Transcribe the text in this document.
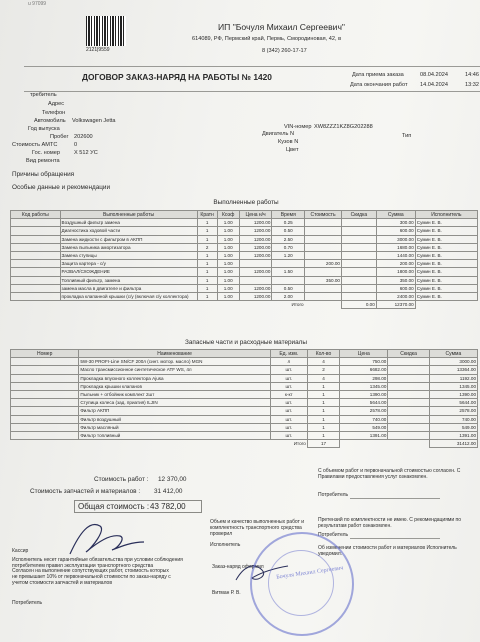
u 97099
2121|9559
ИП "Бочуля Михаил Сергеевич"
614089, РФ, Пермский край, Пермь, Смородиновая, 42, в
8 (342) 260-17-17
ДОГОВОР ЗАКАЗ-НАРЯД НА РАБОТЫ № 1420	Дата приема заказа	08.04.2024	14:46
Дата окончания работ 14.04.2024	13:32
требитель
Адрес
Телефон
Автомобиль Volkswagen Jetta
Год выпуска
Пробег 202600
Стоимость АМТС	0
Гос. номер	Х 512 УС
Вид ремонта
VIN-номер XW8ZZZ1KZ8G202288
Двигатель N	Тип
Кузов N
Цвет
Причины обращения
Особые данные и рекомендации
Выполненные работы
Код работы	Выполненные работы	Кратн	Коэф	Цена н/ч	Время	Стоимость	Скидка	Сумма	Исполнитель
	Воздушный фильтр замена	1	1.00	1200.00	0.25			300.00	Сумин Е. В.
	Диагностика ходовой части	1	1.00	1200.00	0.50			600.00	Сумин Е. В.
	Замена жидкости с фильтром в АКПП	1	1.00	1200.00	2.50			3000.00	Сумин Е. В.
	Замена пыльника амортизатора	2	1.00	1200.00	0.70			1680.00	Сумин Е. В.
	Замена ступицы	1	1.00	1200.00	1.20			1440.00	Сумин Е. В.
	Защита картера - с/у	1	1.00			200.00		200.00	Сумин Е. В.
	РАЗВАЛ/СХОЖДЕНИЕ	1	1.00	1200.00	1.50			1800.00	Сумин Е. В.
	Топливный фильтр, замена	1	1.00			350.00		350.00	Сумин Е. В.
	замена масла в двигателе и фильтра	1	1.00	1200.00	0.50			600.00	Сумин Е. В.
	прокладка клапанной крышки (с/у (включая с/у коллектора)	1	1.00	1200.00	2.00			2400.00	Сумин Е. В.
Итого							0.00	12370.00	
Запасные части и расходные материалы
Номер	Наименование	Ед. изм.	Кол-во	Цена	Скидка	Сумма
	5W-30 PROFI-Line SN/CF 200л (синт. мотор. масло) MGN	л	4	750.00		3000.00
	Масло трансмиссионное синтетическое ATF WS, 4л	шт.	2	6682.00		13364.00
	Прокладка впускного коллектора Ajusa	шт.	4	298.00		1192.00
	Прокладка крышки клапанов	шт.	1	1345.00		1345.00
	Пыльник + отбойник комплект 2шт	к-кт	1	1390.00		1390.00
	Ступица колеса (зад. приатия) ILJIN	шт.	1	5644.00		5644.00
	Фильтр АКПП	шт.	1	2578.00		2578.00
	Фильтр воздушный	шт.	1	740.00		740.00
	Фильтр масляный	шт.	1	549.00		549.00
	Фильтр топливный	шт.	1	1391.00		1391.00
Итого			17			31412.00
Стоимость работ : 12 370,00
Стоимость запчастей и материалов : 31 412,00
Общая стоимость : 43 782,00
С объемом работ и первоначальной стоимостью согласен. С Правилами предоставления услуг ознакомлен.
Потребитель
Претензий по комплектности не имею. С рекомендациями по результатам работ ознакомлен.
Потребитель
Об изменении стоимости работ и материалов Исполнитель уведомил.
Объем и качество выполненных работ и комплектность транспортного средства проверил
Исполнитель
Заказ-наряд оформил
Витман Р. В.
Кассир
Исполнитель несет гарантийные обязательства при условии соблюдения потребителем правил эксплуатации транспортного средства
Согласен на выполнение сопутствующих работ, стоимость которых не превышает 10% от первоначальной стоимости по заказ-наряду с учетом стоимости запчастей и материалов
Потребитель
Бочуля Михаил Сергеевич
